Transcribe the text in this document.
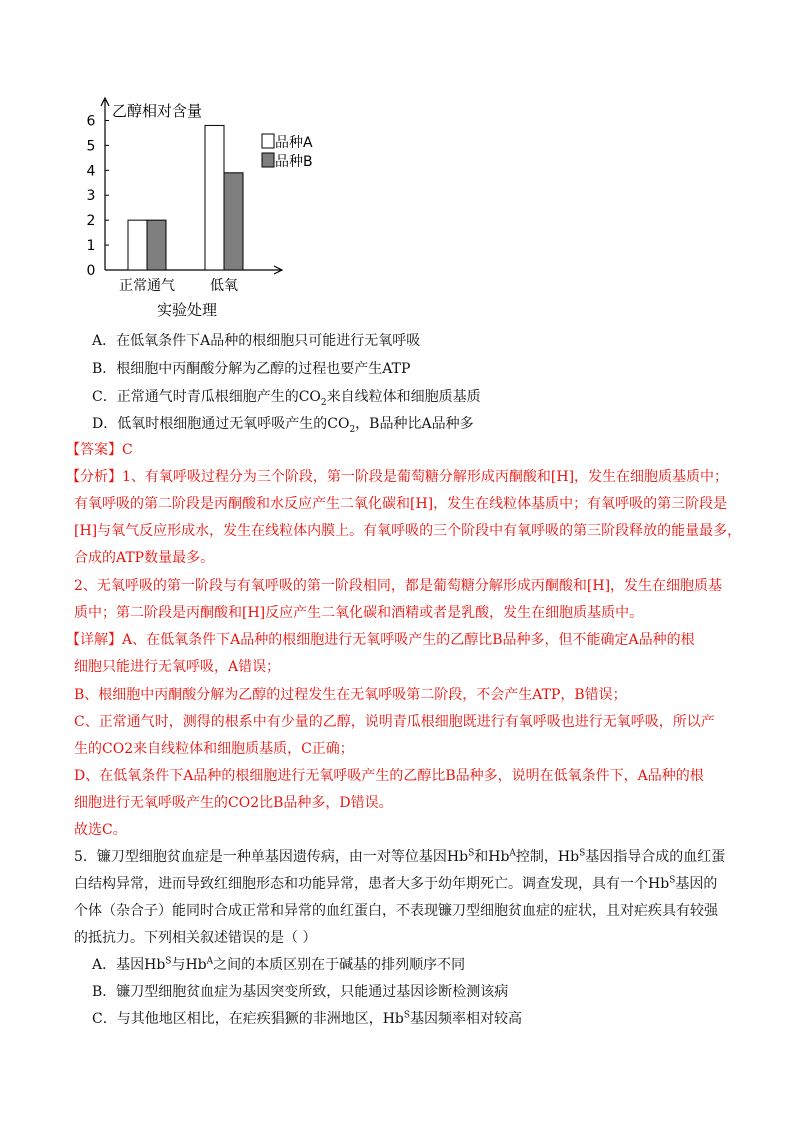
0
1
2
3
4
5
6
乙醇相对含量
正常通气	低氧
实验处理
品种A
品种B
A．在低氧条件下A品种的根细胞只可能进行无氧呼吸
B．根细胞中丙酮酸分解为乙醇的过程也要产生ATP
C．正常通气时青瓜根细胞产生的$CO_2$来自线粒体和细胞质基质
D．低氧时根细胞通过无氧呼吸产生的$CO_2$，B品种比A品种多
【答案】C
【分析】1、有氧呼吸过程分为三个阶段，第一阶段是葡萄糖分解形成丙酮酸和[H]，发生在细胞质基质中；
有氧呼吸的第二阶段是丙酮酸和水反应产生二氧化碳和[H]，发生在线粒体基质中；有氧呼吸的第三阶段是
[H]与氧气反应形成水，发生在线粒体内膜上。有氧呼吸的三个阶段中有氧呼吸的第三阶段释放的能量最多，
合成的ATP数量最多。
2、无氧呼吸的第一阶段与有氧呼吸的第一阶段相同，都是葡萄糖分解形成丙酮酸和[H]，发生在细胞质基
质中；第二阶段是丙酮酸和[H]反应产生二氧化碳和酒精或者是乳酸，发生在细胞质基质中。
【详解】A、在低氧条件下A品种的根细胞进行无氧呼吸产生的乙醇比B品种多，但不能确定A品种的根
细胞只能进行无氧呼吸，A错误；
B、根细胞中丙酮酸分解为乙醇的过程发生在无氧呼吸第二阶段，不会产生ATP，B错误；
C、正常通气时，测得的根系中有少量的乙醇，说明青瓜根细胞既进行有氧呼吸也进行无氧呼吸，所以产
生的CO2来自线粒体和细胞质基质，C正确；
D、在低氧条件下A品种的根细胞进行无氧呼吸产生的乙醇比B品种多，说明在低氧条件下，A品种的根
细胞进行无氧呼吸产生的CO2比B品种多，D错误。
故选C。
5．镰刀型细胞贫血症是一种单基因遗传病，由一对等位基因$Hb^S$和$Hb^A$控制，$Hb^S$基因指导合成的血红蛋
白结构异常，进而导致红细胞形态和功能异常，患者大多于幼年期死亡。调查发现，具有一个$Hb^S$基因的
个体（杂合子）能同时合成正常和异常的血红蛋白，不表现镰刀型细胞贫血症的症状，且对疟疾具有较强
的抵抗力。下列相关叙述错误的是（ ）
A．基因$Hb^S$与$Hb^A$之间的本质区别在于碱基的排列顺序不同
B．镰刀型细胞贫血症为基因突变所致，只能通过基因诊断检测该病
C．与其他地区相比，在疟疾猖獗的非洲地区，$Hb^S$基因频率相对较高
